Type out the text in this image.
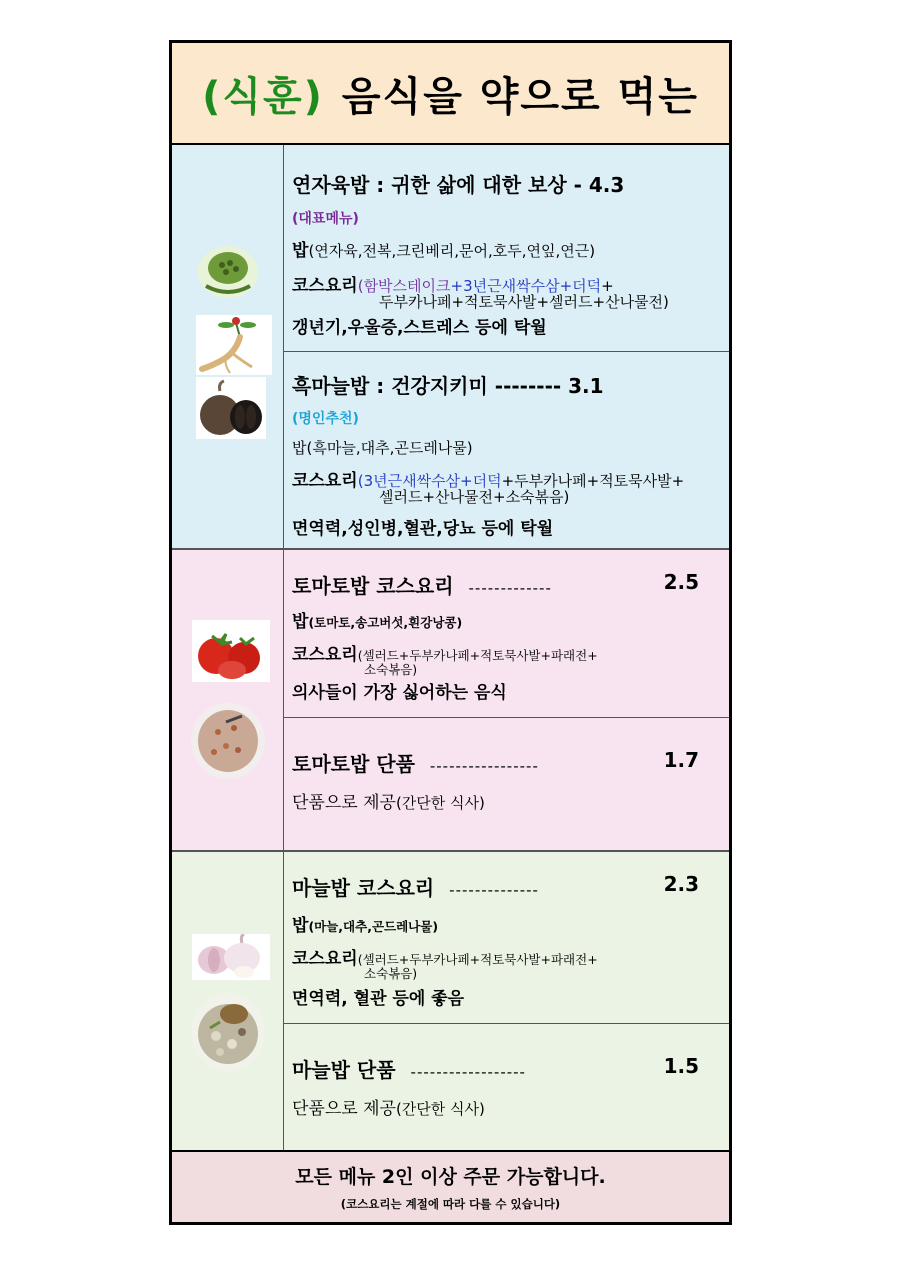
(식훈) 음식을 약으로 먹는
연자육밥 : 귀한 삶에 대한 보상 - 4.3
(대표메뉴)
밥(연자육,전복,크린베리,문어,호두,연잎,연근)
코스요리(함박스테이크+3년근새싹수삼+더덕+
두부카나페+적토묵사발+셀러드+산나물전)
갱년기,우울증,스트레스 등에 탁월
흑마늘밥 : 건강지키미 -------- 3.1
(명인추천)
밥(흑마늘,대추,곤드레나물)
코스요리(3년근새싹수삼+더덕+두부카나페+적토묵사발+
셀러드+산나물전+소숙볶음)
면역력,성인병,혈관,당뇨 등에 탁월
토마토밥 코스요리 -------------	2.5
밥(토마토,송고버섯,흰강낭콩)
코스요리(셀러드+두부카나페+적토묵사발+파래전+
소숙볶음)
의사들이 가장 싫어하는 음식
토마토밥 단품 -----------------	1.7
단품으로 제공(간단한 식사)
마늘밥 코스요리 --------------	2.3
밥(마늘,대추,곤드레나물)
코스요리(셀러드+두부카나페+적토묵사발+파래전+
소숙볶음)
면역력, 혈관 등에 좋음
마늘밥 단품 ------------------	1.5
단품으로 제공(간단한 식사)
모든 메뉴 2인 이상 주문 가능합니다.
(코스요리는 계절에 따라 다를 수 있습니다)
